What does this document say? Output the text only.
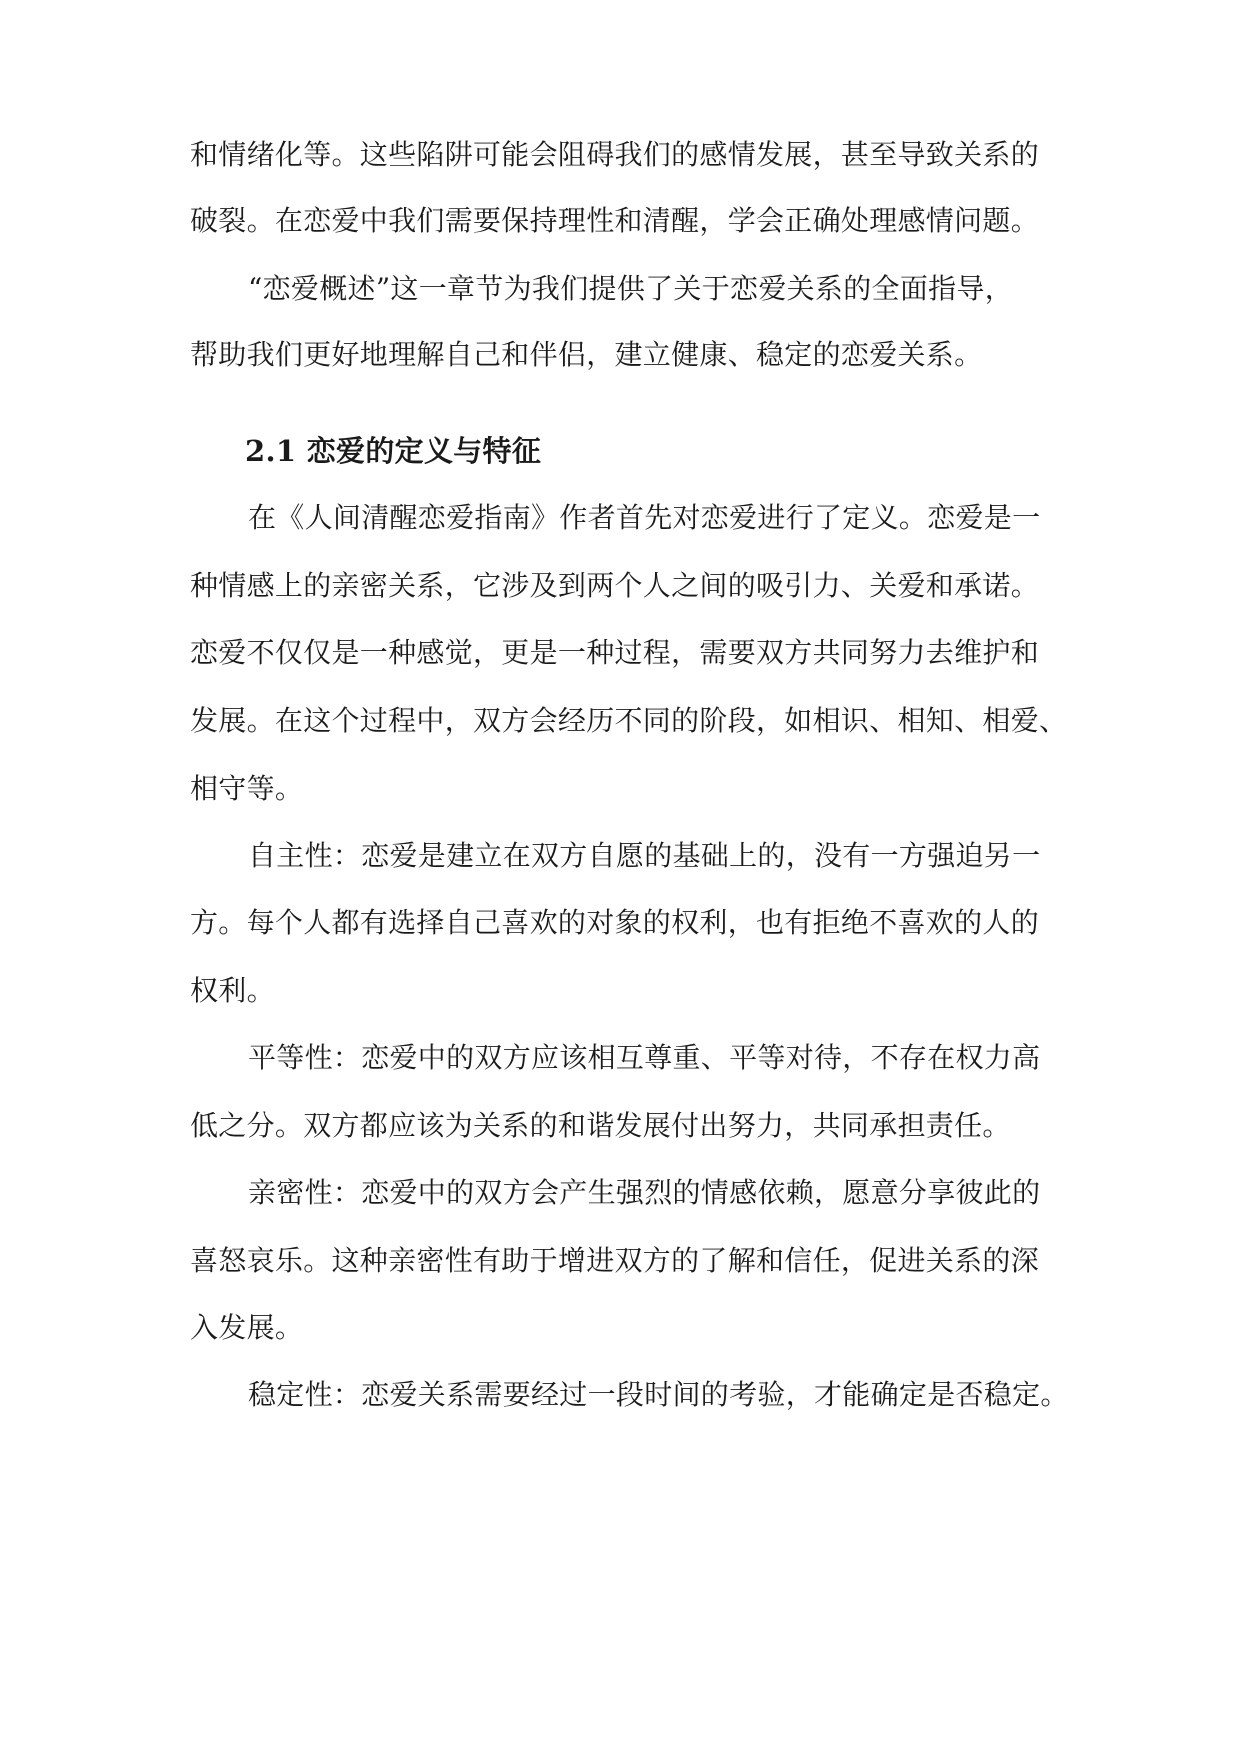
和情绪化等。这些陷阱可能会阻碍我们的感情发展，甚至导致关系的
破裂。在恋爱中我们需要保持理性和清醒，学会正确处理感情问题。
“恋爱概述”这一章节为我们提供了关于恋爱关系的全面指导，
帮助我们更好地理解自己和伴侣，建立健康、稳定的恋爱关系。
2.1 恋爱的定义与特征
在《人间清醒恋爱指南》作者首先对恋爱进行了定义。恋爱是一
种情感上的亲密关系，它涉及到两个人之间的吸引力、关爱和承诺。
恋爱不仅仅是一种感觉，更是一种过程，需要双方共同努力去维护和
发展。在这个过程中，双方会经历不同的阶段，如相识、相知、相爱、
相守等。
自主性：恋爱是建立在双方自愿的基础上的，没有一方强迫另一
方。每个人都有选择自己喜欢的对象的权利，也有拒绝不喜欢的人的
权利。
平等性：恋爱中的双方应该相互尊重、平等对待，不存在权力高
低之分。双方都应该为关系的和谐发展付出努力，共同承担责任。
亲密性：恋爱中的双方会产生强烈的情感依赖，愿意分享彼此的
喜怒哀乐。这种亲密性有助于增进双方的了解和信任，促进关系的深
入发展。
稳定性：恋爱关系需要经过一段时间的考验，才能确定是否稳定。
